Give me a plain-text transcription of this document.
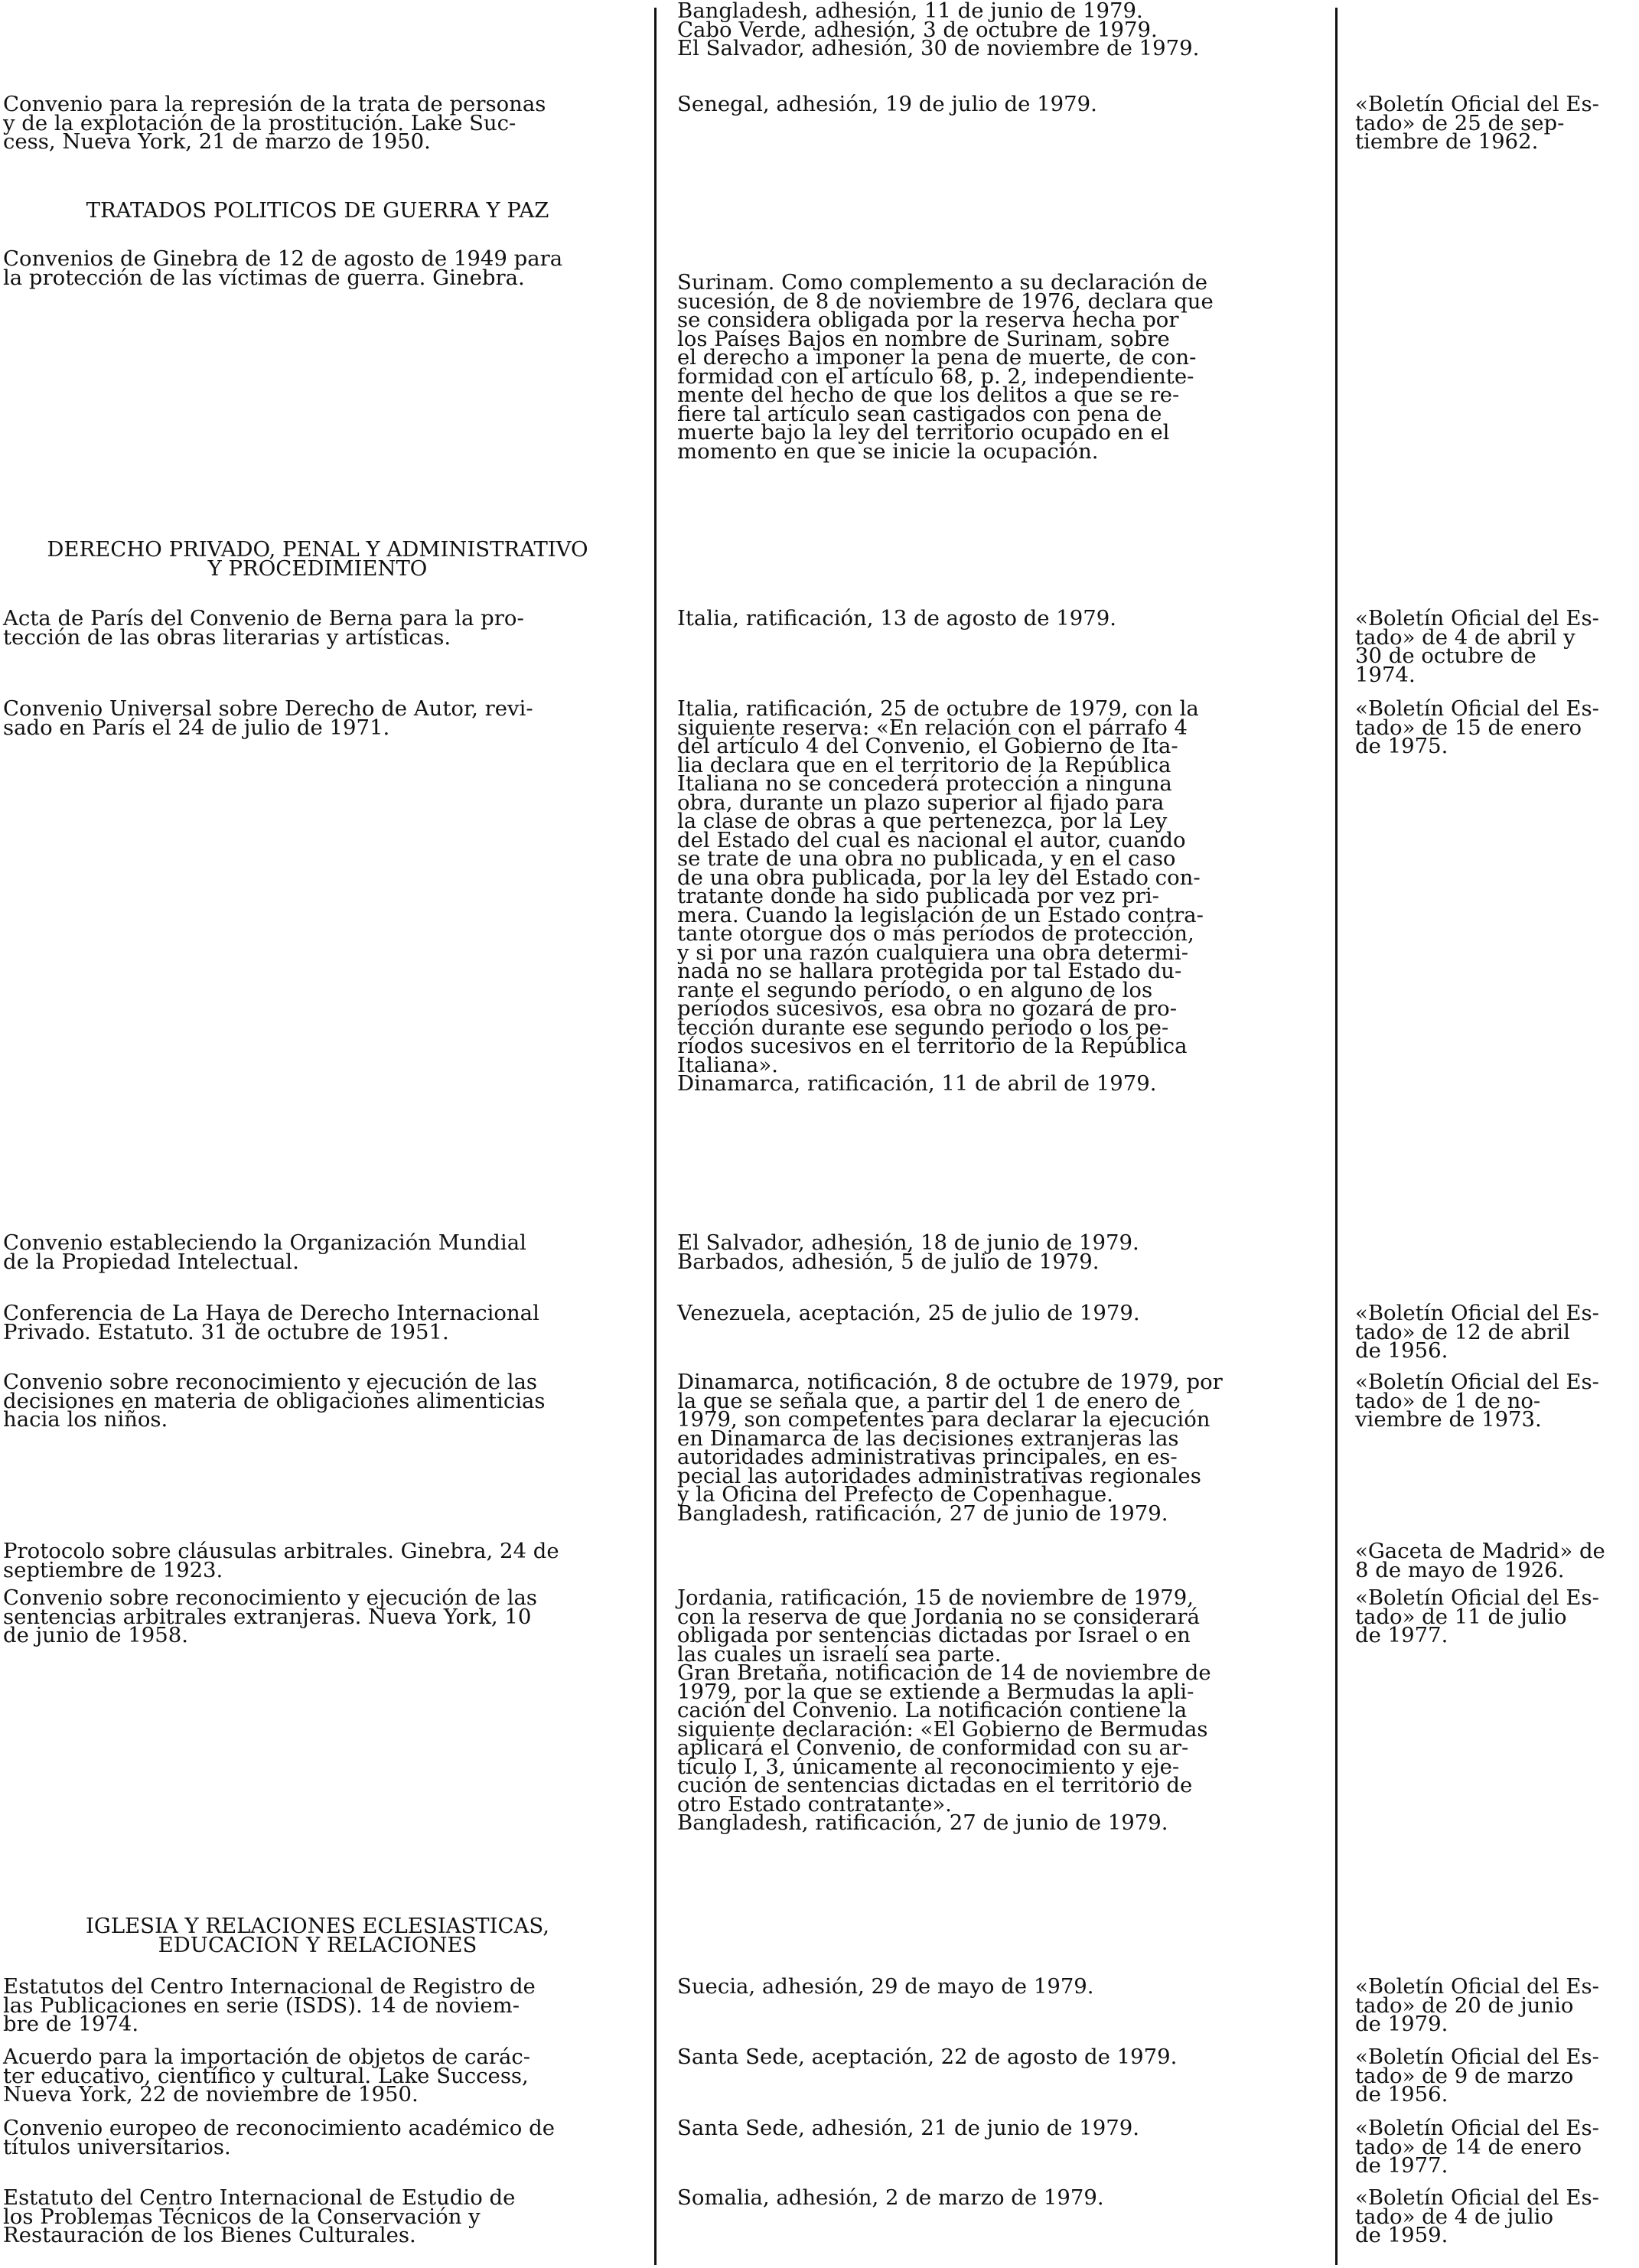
Convenio para la represión de la trata de personas
y de la explotación de la prostitución. Lake Suc-
cess, Nueva York, 21 de marzo de 1950.

TRATADOS POLITICOS DE GUERRA Y PAZ

Convenios de Ginebra de 12 de agosto de 1949 para
la protección de las víctimas de guerra. Ginebra.

DERECHO PRIVADO, PENAL Y ADMINISTRATIVO
Y PROCEDIMIENTO

Acta de París del Convenio de Berna para la pro-
tección de las obras literarias y artísticas.

Convenio Universal sobre Derecho de Autor, revi-
sado en París el 24 de julio de 1971.

Convenio estableciendo la Organización Mundial
de la Propiedad Intelectual.

Conferencia de La Haya de Derecho Internacional
Privado. Estatuto. 31 de octubre de 1951.

Convenio sobre reconocimiento y ejecución de las
decisiones en materia de obligaciones alimenticias
hacia los niños.

Protocolo sobre cláusulas arbitrales. Ginebra, 24 de
septiembre de 1923.

Convenio sobre reconocimiento y ejecución de las
sentencias arbitrales extranjeras. Nueva York, 10
de junio de 1958.

IGLESIA Y RELACIONES ECLESIASTICAS,
EDUCACION Y RELACIONES

Estatutos del Centro Internacional de Registro de
las Publicaciones en serie (ISDS). 14 de noviem-
bre de 1974.

Acuerdo para la importación de objetos de carác-
ter educativo, científico y cultural. Lake Success,
Nueva York, 22 de noviembre de 1950.

Convenio europeo de reconocimiento académico de
títulos universitarios.

Estatuto del Centro Internacional de Estudio de
los Problemas Técnicos de la Conservación y
Restauración de los Bienes Culturales.

Bangladesh, adhesión, 11 de junio de 1979.
Cabo Verde, adhesión, 3 de octubre de 1979.
El Salvador, adhesión, 30 de noviembre de 1979.

Senegal, adhesión, 19 de julio de 1979.

Surinam. Como complemento a su declaración de
sucesión, de 8 de noviembre de 1976, declara que
se considera obligada por la reserva hecha por
los Países Bajos en nombre de Surinam, sobre
el derecho a imponer la pena de muerte, de con-
formidad con el artículo 68, p. 2, independiente-
mente del hecho de que los delitos a que se re-
fiere tal artículo sean castigados con pena de
muerte bajo la ley del territorio ocupado en el
momento en que se inicie la ocupación.

Italia, ratificación, 13 de agosto de 1979.

Italia, ratificación, 25 de octubre de 1979, con la
siguiente reserva: «En relación con el párrafo 4
del artículo 4 del Convenio, el Gobierno de Ita-
lia declara que en el territorio de la República
Italiana no se concederá protección a ninguna
obra, durante un plazo superior al fijado para
la clase de obras a que pertenezca, por la Ley
del Estado del cual es nacional el autor, cuando
se trate de una obra no publicada, y en el caso
de una obra publicada, por la ley del Estado con-
tratante donde ha sido publicada por vez pri-
mera. Cuando la legislación de un Estado contra-
tante otorgue dos o más períodos de protección,
y si por una razón cualquiera una obra determi-
nada no se hallara protegida por tal Estado du-
rante el segundo período, o en alguno de los
períodos sucesivos, esa obra no gozará de pro-
tección durante ese segundo período o los pe-
ríodos sucesivos en el territorio de la República
Italiana».
Dinamarca, ratificación, 11 de abril de 1979.

El Salvador, adhesión, 18 de junio de 1979.
Barbados, adhesión, 5 de julio de 1979.

Venezuela, aceptación, 25 de julio de 1979.

Dinamarca, notificación, 8 de octubre de 1979, por
la que se señala que, a partir del 1 de enero de
1979, son competentes para declarar la ejecución
en Dinamarca de las decisiones extranjeras las
autoridades administrativas principales, en es-
pecial las autoridades administrativas regionales
y la Oficina del Prefecto de Copenhague.
Bangladesh, ratificación, 27 de junio de 1979.

Jordania, ratificación, 15 de noviembre de 1979,
con la reserva de que Jordania no se considerará
obligada por sentencias dictadas por Israel o en
las cuales un israelí sea parte.
Gran Bretaña, notificación de 14 de noviembre de
1979, por la que se extiende a Bermudas la apli-
cación del Convenio. La notificación contiene la
siguiente declaración: «El Gobierno de Bermudas
aplicará el Convenio, de conformidad con su ar-
tículo I, 3, únicamente al reconocimiento y eje-
cución de sentencias dictadas en el territorio de
otro Estado contratante».
Bangladesh, ratificación, 27 de junio de 1979.

Suecia, adhesión, 29 de mayo de 1979.

Santa Sede, aceptación, 22 de agosto de 1979.

Santa Sede, adhesión, 21 de junio de 1979.

Somalia, adhesión, 2 de marzo de 1979.

«Boletín Oficial del Es-
tado» de 25 de sep-
tiembre de 1962.

«Boletín Oficial del Es-
tado» de 4 de abril y
30 de octubre de
1974.

«Boletín Oficial del Es-
tado» de 15 de enero
de 1975.

«Boletín Oficial del Es-
tado» de 12 de abril
de 1956.

«Boletín Oficial del Es-
tado» de 1 de no-
viembre de 1973.

«Gaceta de Madrid» de
8 de mayo de 1926.

«Boletín Oficial del Es-
tado» de 11 de julio
de 1977.

«Boletín Oficial del Es-
tado» de 20 de junio
de 1979.

«Boletín Oficial del Es-
tado» de 9 de marzo
de 1956.

«Boletín Oficial del Es-
tado» de 14 de enero
de 1977.

«Boletín Oficial del Es-
tado» de 4 de julio
de 1959.
